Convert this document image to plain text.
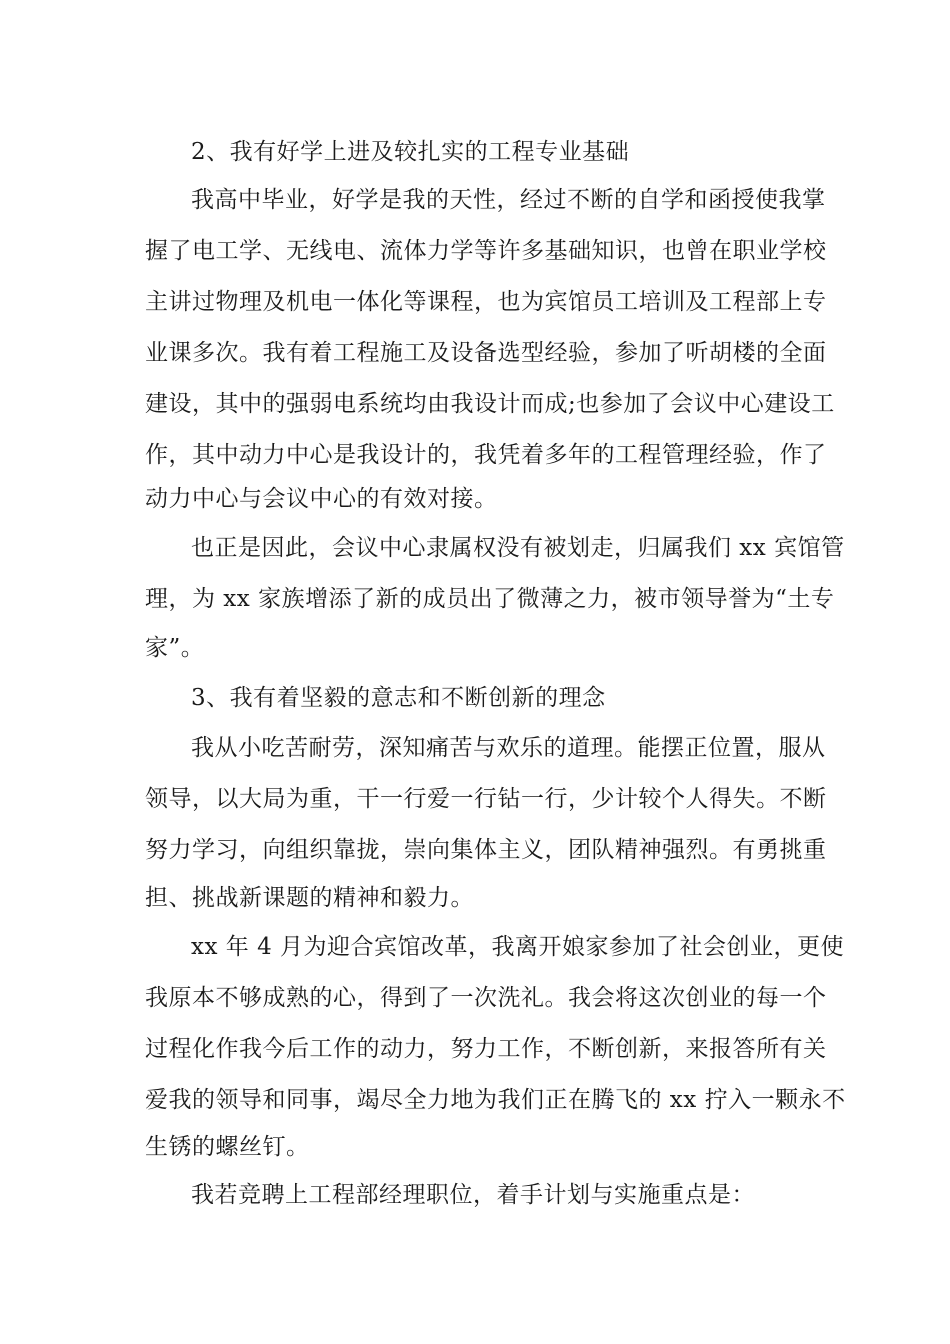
2、我有好学上进及较扎实的工程专业基础

我高中毕业，好学是我的天性，经过不断的自学和函授使我掌

握了电工学、无线电、流体力学等许多基础知识，也曾在职业学校

主讲过物理及机电一体化等课程，也为宾馆员工培训及工程部上专

业课多次。我有着工程施工及设备选型经验，参加了听胡楼的全面

建设，其中的强弱电系统均由我设计而成;也参加了会议中心建设工

作，其中动力中心是我设计的，我凭着多年的工程管理经验，作了

动力中心与会议中心的有效对接。

也正是因此，会议中心隶属权没有被划走，归属我们 xx 宾馆管

理，为 xx 家族增添了新的成员出了微薄之力，被市领导誉为“土专

家”。

3、我有着坚毅的意志和不断创新的理念

我从小吃苦耐劳，深知痛苦与欢乐的道理。能摆正位置，服从

领导，以大局为重，干一行爱一行钻一行，少计较个人得失。不断

努力学习，向组织靠拢，崇向集体主义，团队精神强烈。有勇挑重

担、挑战新课题的精神和毅力。

xx 年 4 月为迎合宾馆改革，我离开娘家参加了社会创业，更使

我原本不够成熟的心，得到了一次洗礼。我会将这次创业的每一个

过程化作我今后工作的动力，努力工作，不断创新，来报答所有关

爱我的领导和同事，竭尽全力地为我们正在腾飞的 xx 拧入一颗永不

生锈的螺丝钉。

我若竞聘上工程部经理职位，着手计划与实施重点是：
